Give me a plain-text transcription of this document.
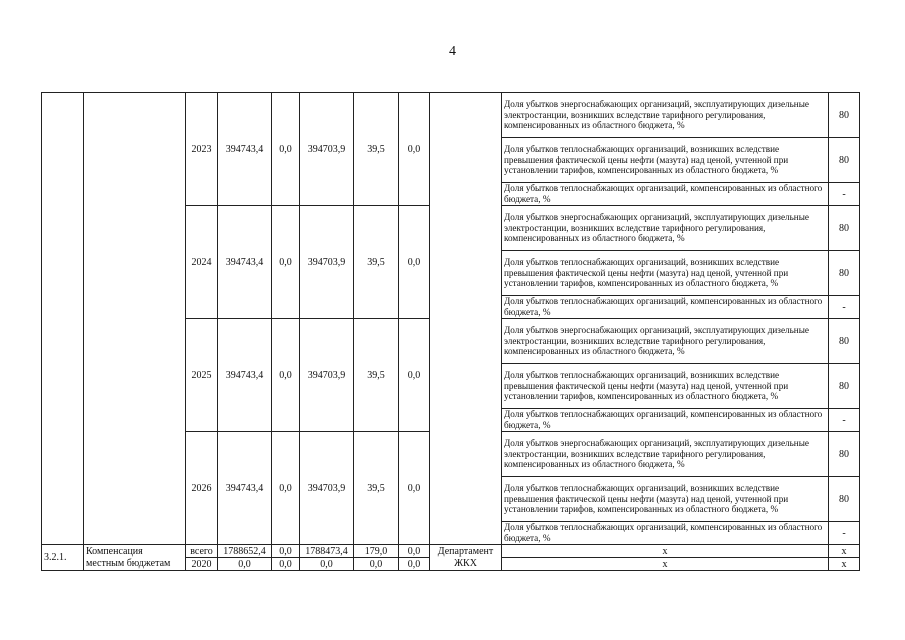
4
		2023	394743,4	0,0	394703,9	39,5	0,0		Доля убытков энергоснабжающих организаций, эксплуатирующих дизельные электростанции, возникших вследствие тарифного регулирования, компенсированных из областного бюджета, %	80
									Доля убытков теплоснабжающих организаций, возникших вследствие превышения фактической цены нефти (мазута) над ценой, учтенной при установлении тарифов, компенсированных из областного бюджета, %	80
									Доля убытков теплоснабжающих организаций, компенсированных из областного бюджета, %	-
		2024	394743,4	0,0	394703,9	39,5	0,0		Доля убытков энергоснабжающих организаций, эксплуатирующих дизельные электростанции, возникших вследствие тарифного регулирования, компенсированных из областного бюджета, %	80
									Доля убытков теплоснабжающих организаций, возникших вследствие превышения фактической цены нефти (мазута) над ценой, учтенной при установлении тарифов, компенсированных из областного бюджета, %	80
									Доля убытков теплоснабжающих организаций, компенсированных из областного бюджета, %	-
		2025	394743,4	0,0	394703,9	39,5	0,0		Доля убытков энергоснабжающих организаций, эксплуатирующих дизельные электростанции, возникших вследствие тарифного регулирования, компенсированных из областного бюджета, %	80
									Доля убытков теплоснабжающих организаций, возникших вследствие превышения фактической цены нефти (мазута) над ценой, учтенной при установлении тарифов, компенсированных из областного бюджета, %	80
									Доля убытков теплоснабжающих организаций, компенсированных из областного бюджета, %	-
		2026	394743,4	0,0	394703,9	39,5	0,0		Доля убытков энергоснабжающих организаций, эксплуатирующих дизельные электростанции, возникших вследствие тарифного регулирования, компенсированных из областного бюджета, %	80
									Доля убытков теплоснабжающих организаций, возникших вследствие превышения фактической цены нефти (мазута) над ценой, учтенной при установлении тарифов, компенсированных из областного бюджета, %	80
									Доля убытков теплоснабжающих организаций, компенсированных из областного бюджета, %	-
3.2.1.	Компенсация местным бюджетам	всего	1788652,4	0,0	1788473,4	179,0	0,0	Департамент ЖКХ	x	x
		2020	0,0	0,0	0,0	0,0	0,0		x	x
